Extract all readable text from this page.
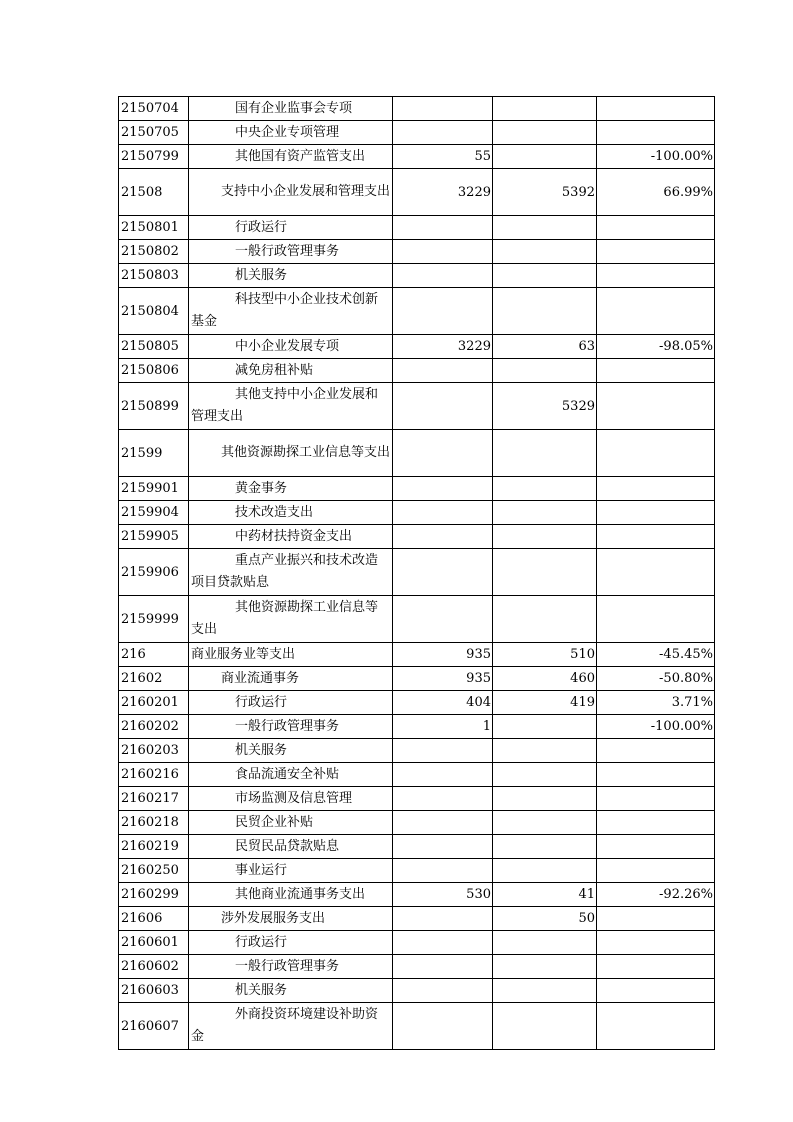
2150704	国有企业监事会专项			
2150705	中央企业专项管理			
2150799	其他国有资产监管支出	55		-100.00%
21508	支持中小企业发展和管理支出	3229	5392	66.99%
2150801	行政运行			
2150802	一般行政管理事务			
2150803	机关服务			
2150804	科技型中小企业技术创新基金			
2150805	中小企业发展专项	3229	63	-98.05%
2150806	减免房租补贴			
2150899	其他支持中小企业发展和管理支出		5329	
21599	其他资源勘探工业信息等支出			
2159901	黄金事务			
2159904	技术改造支出			
2159905	中药材扶持资金支出			
2159906	重点产业振兴和技术改造项目贷款贴息			
2159999	其他资源勘探工业信息等支出			
216	商业服务业等支出	935	510	-45.45%
21602	商业流通事务	935	460	-50.80%
2160201	行政运行	404	419	3.71%
2160202	一般行政管理事务	1		-100.00%
2160203	机关服务			
2160216	食品流通安全补贴			
2160217	市场监测及信息管理			
2160218	民贸企业补贴			
2160219	民贸民品贷款贴息			
2160250	事业运行			
2160299	其他商业流通事务支出	530	41	-92.26%
21606	涉外发展服务支出		50	
2160601	行政运行			
2160602	一般行政管理事务			
2160603	机关服务			
2160607	外商投资环境建设补助资金			
